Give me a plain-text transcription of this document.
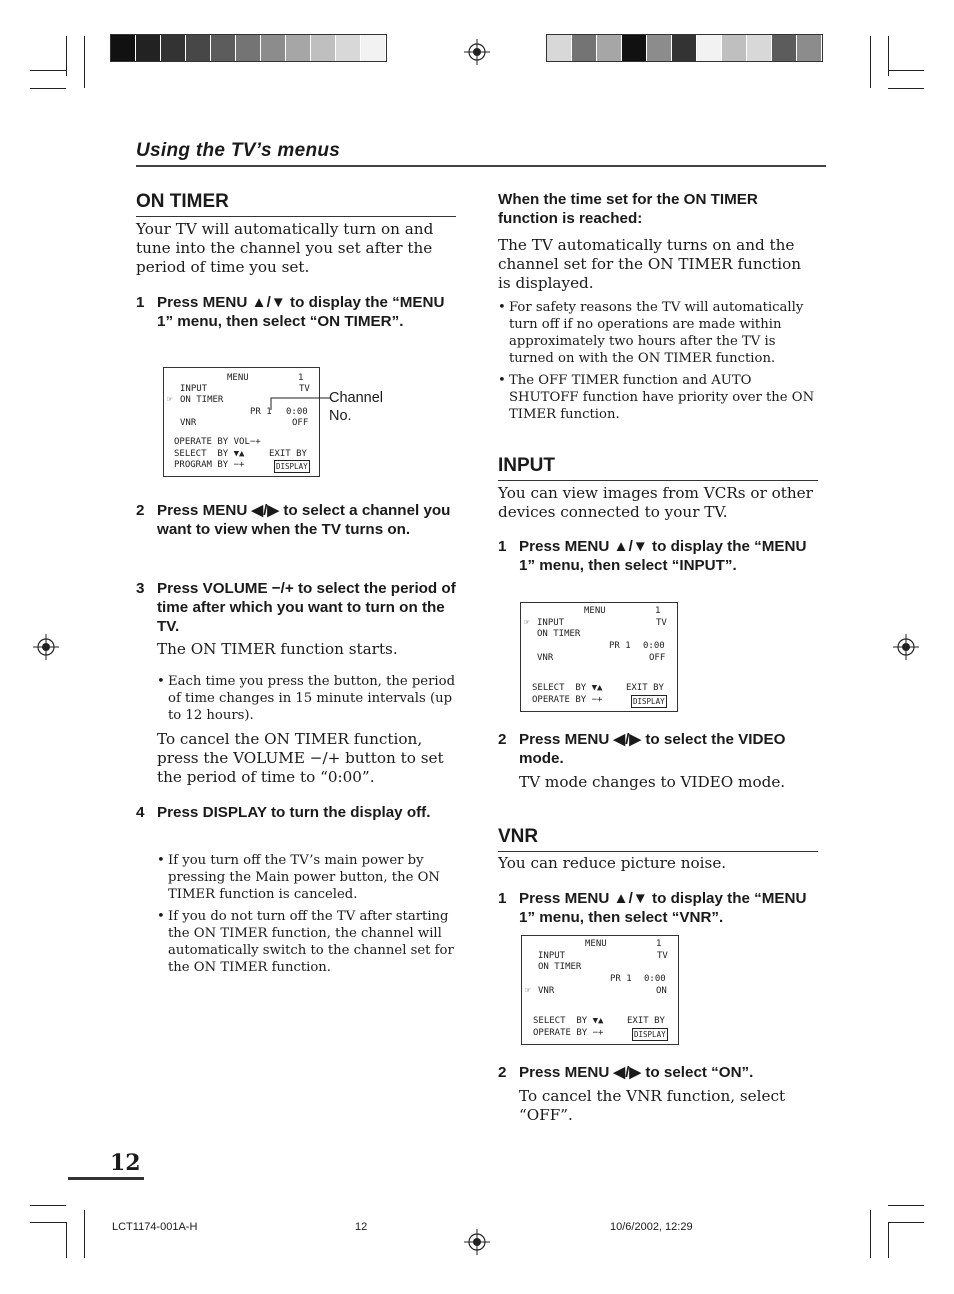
Using the TV’s menus
ON TIMER
Your TV will automatically turn on and tune into the channel you set after the period of time you set.
1 Press MENU ▲/▼ to display the “MENU 1” menu, then select “ON TIMER”.
MENU	1
INPUT	TV
☞ ON TIMER
PR 1 0:00
VNR	OFF
OPERATE BY VOL−+
SELECT  BY ▼▲	EXIT BY
PROGRAM BY −+	DISPLAY
Channel
No.
2 Press MENU ◀/▶ to select a channel you want to view when the TV turns on.
3 Press VOLUME −/+ to select the period of time after which you want to turn on the TV.
The ON TIMER function starts.
• Each time you press the button, the period of time changes in 15 minute intervals (up to 12 hours).
To cancel the ON TIMER function, press the VOLUME −/+ button to set the period of time to “0:00”.
4 Press DISPLAY to turn the display off.
• If you turn off the TV’s main power by pressing the Main power button, the ON TIMER function is canceled.
• If you do not turn off the TV after starting the ON TIMER function, the channel will automatically switch to the channel set for the ON TIMER function.
When the time set for the ON TIMER function is reached:
The TV automatically turns on and the channel set for the ON TIMER function is displayed.
• For safety reasons the TV will automatically turn off if no operations are made within approximately two hours after the TV is turned on with the ON TIMER function.
• The OFF TIMER function and AUTO SHUTOFF function have priority over the ON TIMER function.
INPUT
You can view images from VCRs or other devices connected to your TV.
1 Press MENU ▲/▼ to display the “MENU 1” menu, then select “INPUT”.
MENU	1
☞ INPUT	TV
ON TIMER
PR 1 0:00
VNR	OFF
SELECT  BY ▼▲	EXIT BY
OPERATE BY −+	DISPLAY
2 Press MENU ◀/▶ to select the VIDEO mode.
TV mode changes to VIDEO mode.
VNR
You can reduce picture noise.
1 Press MENU ▲/▼ to display the “MENU 1” menu, then select “VNR”.
MENU	1
INPUT	TV
ON TIMER
PR 1 0:00
☞ VNR	ON
SELECT  BY ▼▲	EXIT BY
OPERATE BY −+	DISPLAY
2 Press MENU ◀/▶ to select “ON”.
To cancel the VNR function, select “OFF”.
12
LCT1174-001A-H	12	10/6/2002, 12:29
